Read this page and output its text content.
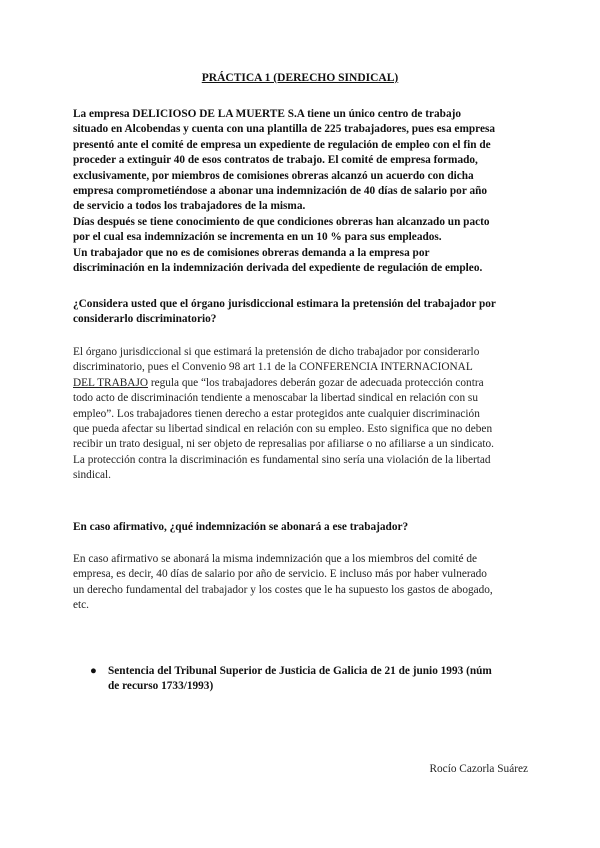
PRÁCTICA 1 (DERECHO SINDICAL)

La empresa DELICIOSO DE LA MUERTE S.A tiene un único centro de trabajo

situado en Alcobendas y cuenta con una plantilla de 225 trabajadores, pues esa empresa

presentó ante el comité de empresa un expediente de regulación de empleo con el fin de

proceder a extinguir 40 de esos contratos de trabajo. El comité de empresa formado,

exclusivamente, por miembros de comisiones obreras alcanzó un acuerdo con dicha

empresa comprometiéndose a abonar una indemnización de 40 días de salario por año

de servicio a todos los trabajadores de la misma.

Días después se tiene conocimiento de que condiciones obreras han alcanzado un pacto

por el cual esa indemnización se incrementa en un 10 % para sus empleados.

Un trabajador que no es de comisiones obreras demanda a la empresa por

discriminación en la indemnización derivada del expediente de regulación de empleo.

¿Considera usted que el órgano jurisdiccional estimara la pretensión del trabajador por

considerarlo discriminatorio?

El órgano jurisdiccional si que estimará la pretensión de dicho trabajador por considerarlo

discriminatorio, pues el Convenio 98 art 1.1 de la CONFERENCIA INTERNACIONAL

DEL TRABAJO regula que “los trabajadores deberán gozar de adecuada protección contra

todo acto de discriminación tendiente a menoscabar la libertad sindical en relación con su

empleo”. Los trabajadores tienen derecho a estar protegidos ante cualquier discriminación

que pueda afectar su libertad sindical en relación con su empleo. Esto significa que no deben

recibir un trato desigual, ni ser objeto de represalias por afiliarse o no afiliarse a un sindicato.

La protección contra la discriminación es fundamental sino sería una violación de la libertad

sindical.

En caso afirmativo, ¿qué indemnización se abonará a ese trabajador?

En caso afirmativo se abonará la misma indemnización que a los miembros del comité de

empresa, es decir, 40 días de salario por año de servicio. E incluso más por haber vulnerado

un derecho fundamental del trabajador y los costes que le ha supuesto los gastos de abogado,

etc.

● Sentencia del Tribunal Superior de Justicia de Galicia de 21 de junio 1993 (núm
de recurso 1733/1993)
Rocío Cazorla Suárez
